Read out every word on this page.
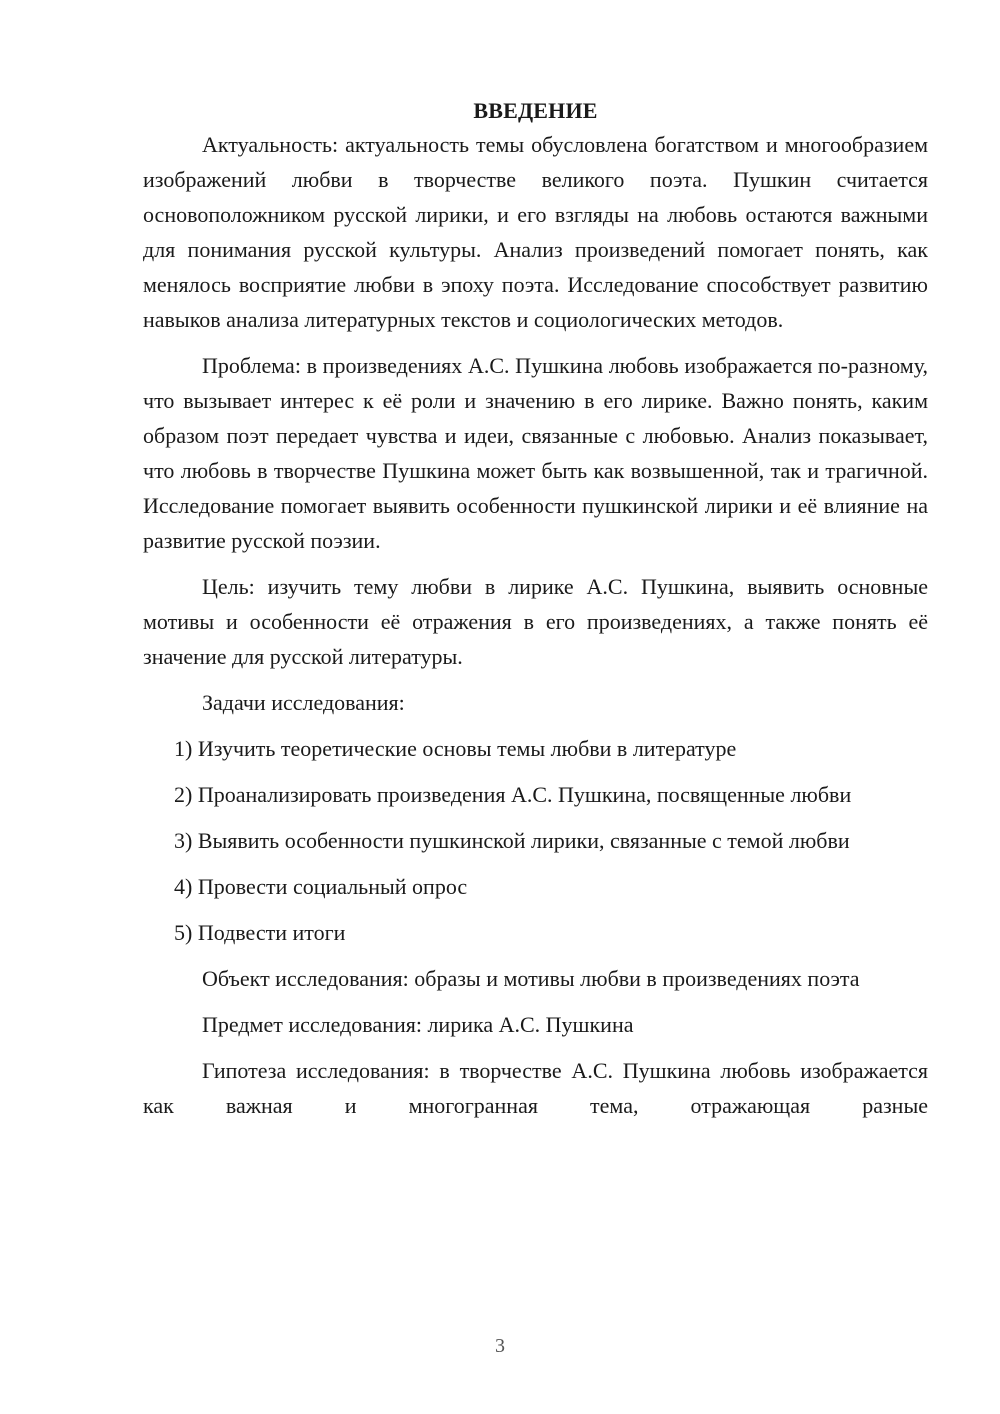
ВВЕДЕНИЕ

Актуальность: актуальность темы обусловлена богатством и многообразием изображений любви в творчестве великого поэта. Пушкин считается основоположником русской лирики, и его взгляды на любовь остаются важными для понимания русской культуры. Анализ произведений помогает понять, как менялось восприятие любви в эпоху поэта. Исследование способствует развитию навыков анализа литературных текстов и социологических методов.

Проблема: в произведениях А.С. Пушкина любовь изображается по-разному, что вызывает интерес к её роли и значению в его лирике. Важно понять, каким образом поэт передает чувства и идеи, связанные с любовью. Анализ показывает, что любовь в творчестве Пушкина может быть как возвышенной, так и трагичной. Исследование помогает выявить особенности пушкинской лирики и её влияние на развитие русской поэзии.

Цель: изучить тему любви в лирике А.С. Пушкина, выявить основные мотивы и особенности её отражения в его произведениях, а также понять её значение для русской литературы.

Задачи исследования:

1) Изучить теоретические основы темы любви в литературе

2) Проанализировать произведения А.С. Пушкина, посвященные любви

3) Выявить особенности пушкинской лирики, связанные с темой любви

4) Провести социальный опрос

5) Подвести итоги

Объект исследования: образы и мотивы любви в произведениях поэта

Предмет исследования: лирика А.С. Пушкина

Гипотеза исследования: в творчестве А.С. Пушкина любовь изображается как важная и многогранная тема, отражающая разные

3
